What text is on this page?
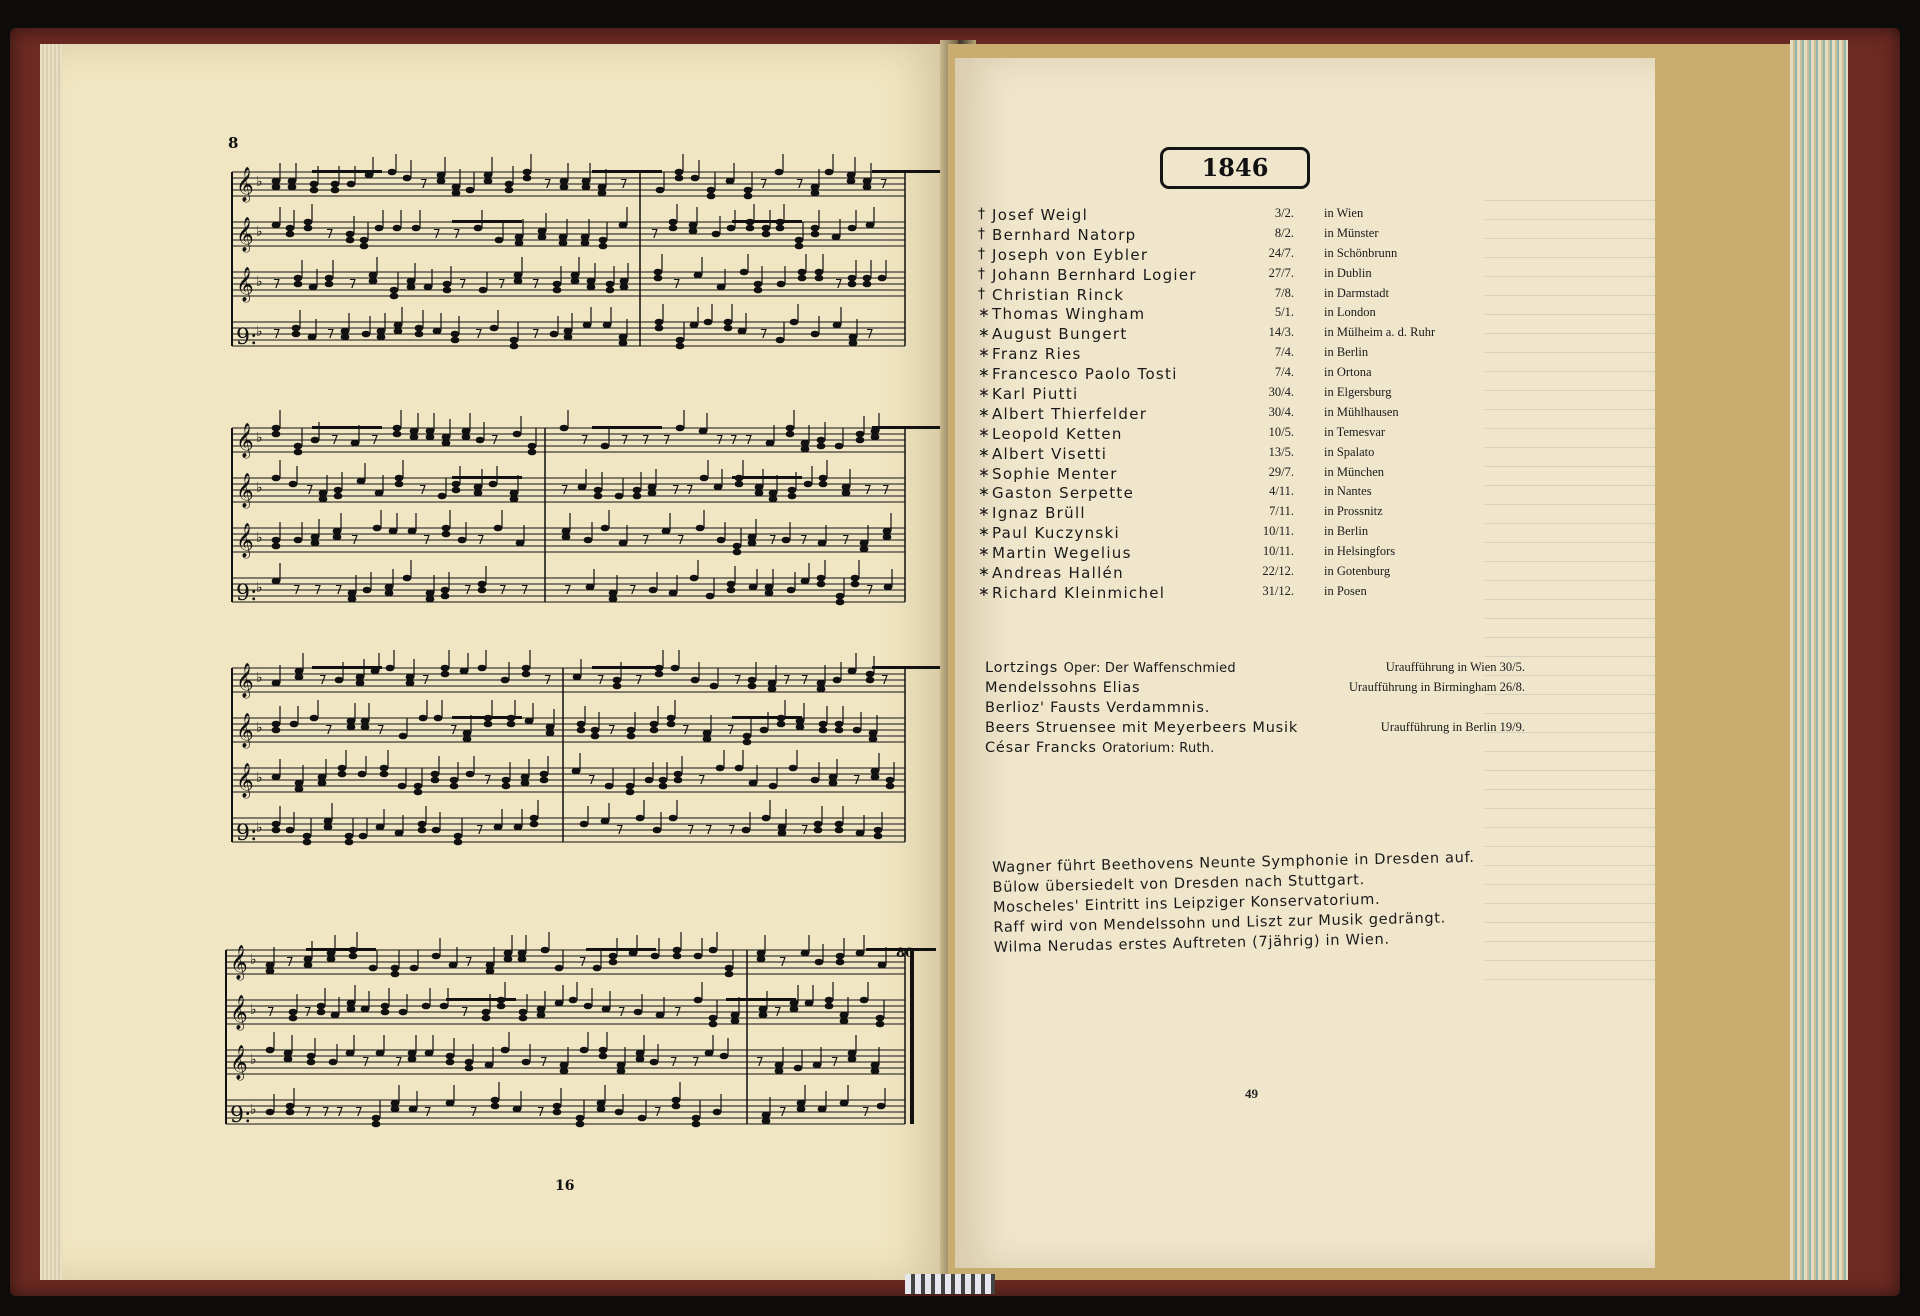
8
𝄞 ♭	7	7	7	7 7	7
𝄞 ♭	7	7 7	7
𝄞 ♭ 7	7	7	7 7	7	7
9:
♭ 7	7	7	7	7	7
𝄞 ♭	7	7	7	7	7 7 7	7 7 7
𝄞 ♭	7	7	7	7 7	7 7
𝄞 ♭	7	7	7	7 7	7 7	7
9:
♭	7 7 7	7 7 7	7	7	7
𝄞 ♭	7	7	7	7	7	7	7 7	7
𝄞 ♭	7	7	7	7	7	7
𝄞 ♭	7	7	7	7
9:
♭	7	7	7 7 7	7
𝄞 ♭ 7	7	7	7
𝄞 ♭ 7 7	7	7	7	7
𝄞 ♭	7 7	7	7 7	7	7
9:
♭	7 7 7 7	7	7	7	7	7	7
80
16
1846
† Josef Weigl	3/2. in Wien
† Bernhard Natorp	8/2. in Münster
† Joseph von Eybler	24/7. in Schönbrunn
† Johann Bernhard Logier	27/7. in Dublin
† Christian Rinck	7/8. in Darmstadt
∗ Thomas Wingham	5/1. in London
∗ August Bungert	14/3. in Mülheim a. d. Ruhr
∗ Franz Ries	7/4. in Berlin
∗ Francesco Paolo Tosti	7/4. in Ortona
∗ Karl Piutti	30/4. in Elgersburg
∗ Albert Thierfelder	30/4. in Mühlhausen
∗ Leopold Ketten	10/5. in Temesvar
∗ Albert Visetti	13/5. in Spalato
∗ Sophie Menter	29/7. in München
∗ Gaston Serpette	4/11. in Nantes
∗ Ignaz Brüll	7/11. in Prossnitz
∗ Paul Kuczynski	10/11. in Berlin
∗ Martin Wegelius	10/11. in Helsingfors
∗ Andreas Hallén	22/12. in Gotenburg
∗ Richard Kleinmichel	31/12. in Posen
Lortzings Oper: Der Waffenschmied	Uraufführung in Wien 30/5.
Mendelssohns Elias	Uraufführung in Birmingham 26/8.
Berlioz' Fausts Verdammnis.
Beers Struensee mit Meyerbeers Musik	Uraufführung in Berlin 19/9.
César Francks Oratorium: Ruth.
Wagner führt Beethovens Neunte Symphonie in Dresden auf.
Bülow übersiedelt von Dresden nach Stuttgart.
Moscheles' Eintritt ins Leipziger Konservatorium.
Raff wird von Mendelssohn und Liszt zur Musik gedrängt.
Wilma Nerudas erstes Auftreten (7jährig) in Wien.
49
